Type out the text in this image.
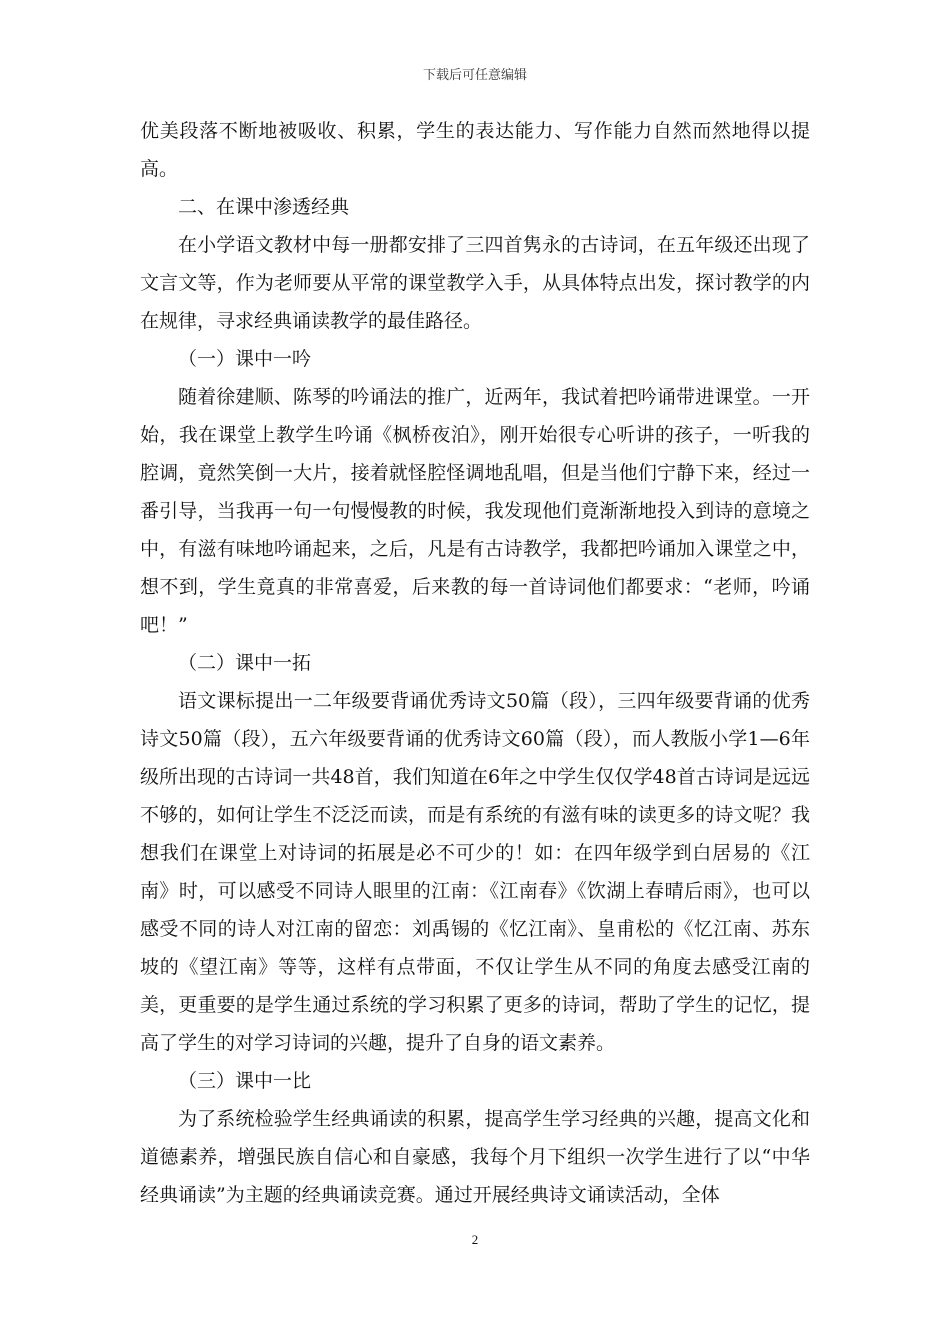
下载后可任意编辑

优美段落不断地被吸收、积累，学生的表达能力、写作能力自然而然地得以提高。

二、在课中渗透经典

在小学语文教材中每一册都安排了三四首隽永的古诗词，在五年级还出现了文言文等，作为老师要从平常的课堂教学入手，从具体特点出发，探讨教学的内在规律，寻求经典诵读教学的最佳路径。

（一）课中一吟

随着徐建顺、陈琴的吟诵法的推广，近两年，我试着把吟诵带进课堂。一开始，我在课堂上教学生吟诵《枫桥夜泊》，刚开始很专心听讲的孩子，一听我的腔调，竟然笑倒一大片，接着就怪腔怪调地乱唱，但是当他们宁静下来，经过一番引导，当我再一句一句慢慢教的时候，我发现他们竟渐渐地投入到诗的意境之中，有滋有味地吟诵起来，之后，凡是有古诗教学，我都把吟诵加入课堂之中，想不到，学生竟真的非常喜爱，后来教的每一首诗词他们都要求：“老师，吟诵吧！”

（二）课中一拓

语文课标提出一二年级要背诵优秀诗文50篇（段），三四年级要背诵的优秀诗文50篇（段），五六年级要背诵的优秀诗文60篇（段），而人教版小学1—6年级所出现的古诗词一共48首，我们知道在6年之中学生仅仅学48首古诗词是远远不够的，如何让学生不泛泛而读，而是有系统的有滋有味的读更多的诗文呢？我想我们在课堂上对诗词的拓展是必不可少的！如：在四年级学到白居易的《江南》时，可以感受不同诗人眼里的江南：《江南春》《饮湖上春晴后雨》，也可以感受不同的诗人对江南的留恋：刘禹锡的《忆江南》、皇甫松的《忆江南、苏东坡的《望江南》等等，这样有点带面，不仅让学生从不同的角度去感受江南的美，更重要的是学生通过系统的学习积累了更多的诗词，帮助了学生的记忆，提高了学生的对学习诗词的兴趣，提升了自身的语文素养。

（三）课中一比

为了系统检验学生经典诵读的积累，提高学生学习经典的兴趣，提高文化和道德素养，增强民族自信心和自豪感，我每个月下组织一次学生进行了以“中华经典诵读”为主题的经典诵读竞赛。通过开展经典诗文诵读活动，全体

2
